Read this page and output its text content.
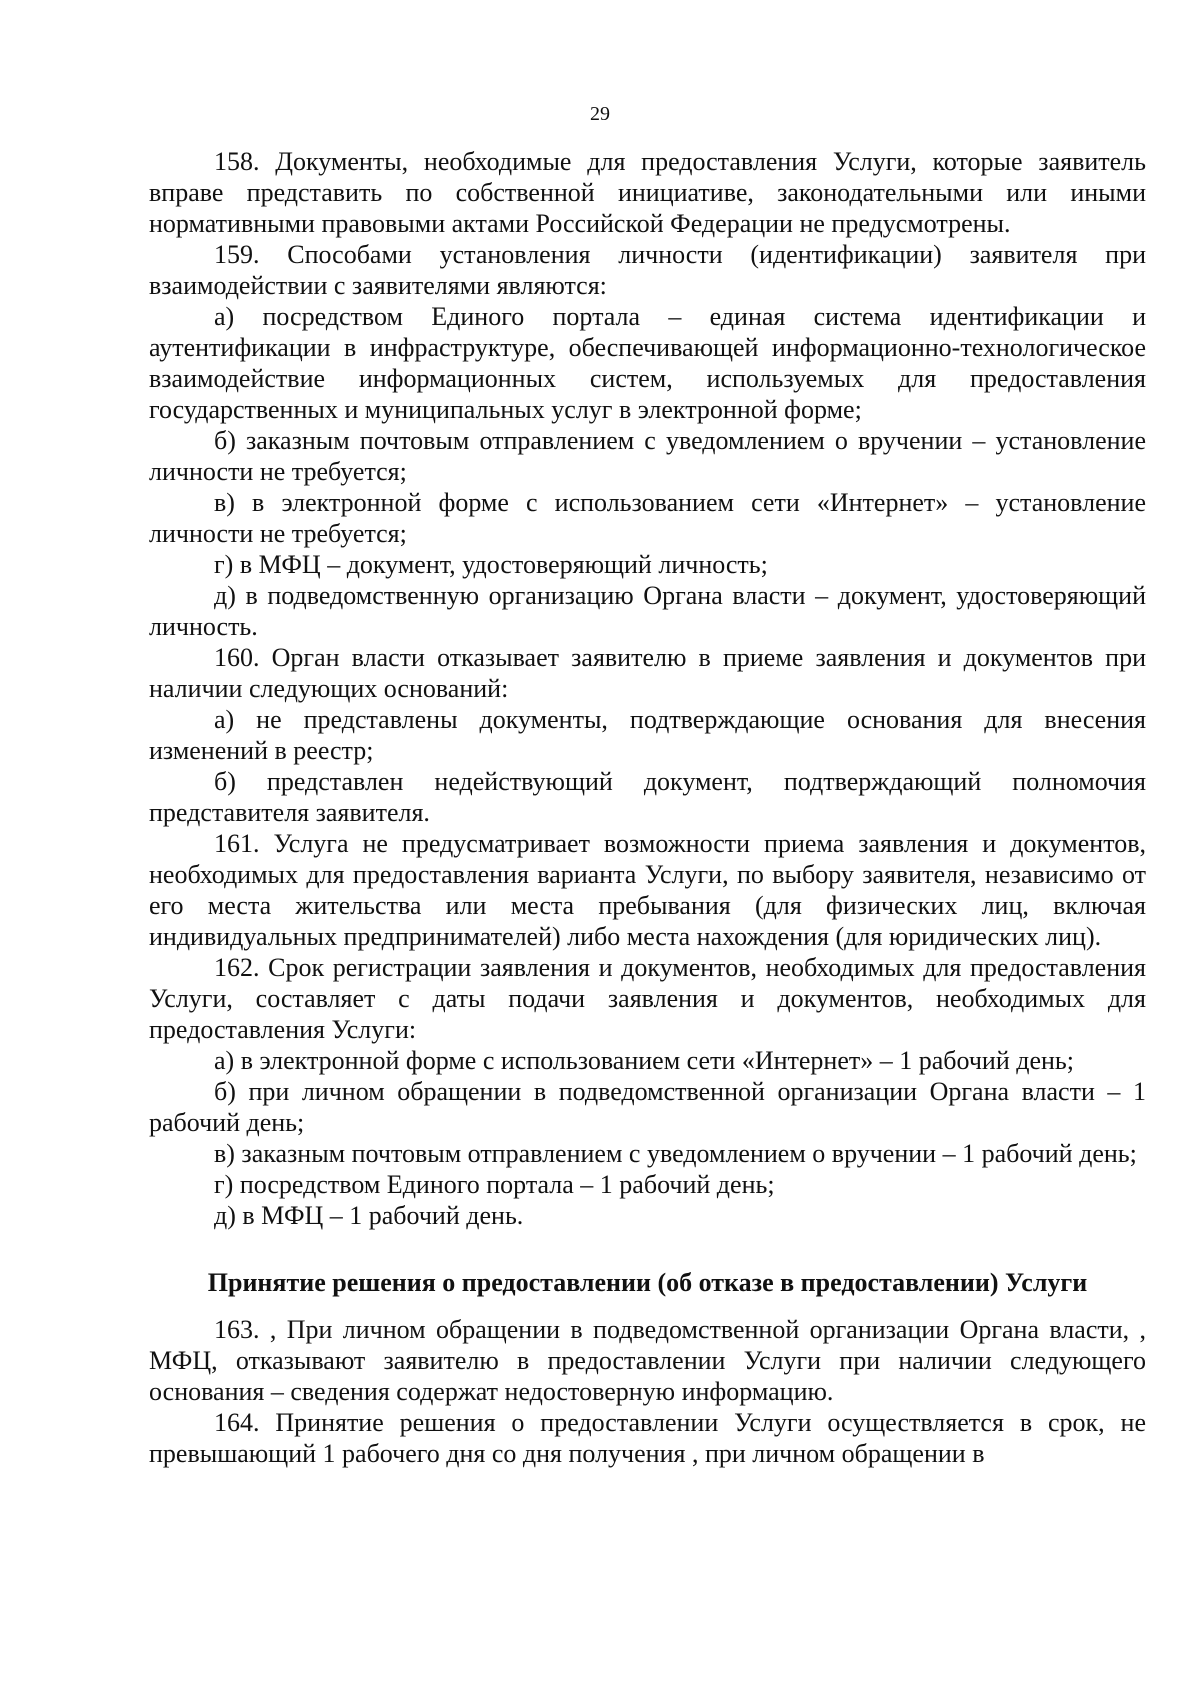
29

158. Документы, необходимые для предоставления Услуги, которые заявитель вправе представить по собственной инициативе, законодательными или иными нормативными правовыми актами Российской Федерации не предусмотрены.

159. Способами установления личности (идентификации) заявителя при взаимодействии с заявителями являются:

а) посредством Единого портала – единая система идентификации и аутентификации в инфраструктуре, обеспечивающей информационно-технологическое взаимодействие информационных систем, используемых для предоставления государственных и муниципальных услуг в электронной форме;

б) заказным почтовым отправлением с уведомлением о вручении – установление личности не требуется;

в) в электронной форме с использованием сети «Интернет» – установление личности не требуется;

г) в МФЦ – документ, удостоверяющий личность;

д) в подведомственную организацию Органа власти – документ, удостоверяющий личность.

160. Орган власти отказывает заявителю в приеме заявления и документов при наличии следующих оснований:

а) не представлены документы, подтверждающие основания для внесения изменений в реестр;

б) представлен недействующий документ, подтверждающий полномочия представителя заявителя.

161. Услуга не предусматривает возможности приема заявления и документов, необходимых для предоставления варианта Услуги, по выбору заявителя, независимо от его места жительства или места пребывания (для физических лиц, включая индивидуальных предпринимателей) либо места нахождения (для юридических лиц).

162. Срок регистрации заявления и документов, необходимых для предоставления Услуги, составляет с даты подачи заявления и документов, необходимых для предоставления Услуги:

а) в электронной форме с использованием сети «Интернет» – 1 рабочий день;

б) при личном обращении в подведомственной организации Органа власти – 1 рабочий день;

в) заказным почтовым отправлением с уведомлением о вручении – 1 рабочий день;

г) посредством Единого портала – 1 рабочий день;

д) в МФЦ – 1 рабочий день.

Принятие решения о предоставлении (об отказе в предоставлении) Услуги

163. , При личном обращении в подведомственной организации Органа власти, , МФЦ, отказывают заявителю в предоставлении Услуги при наличии следующего основания – сведения содержат недостоверную информацию.

164. Принятие решения о предоставлении Услуги осуществляется в срок, не превышающий 1 рабочего дня со дня получения , при личном обращении в
